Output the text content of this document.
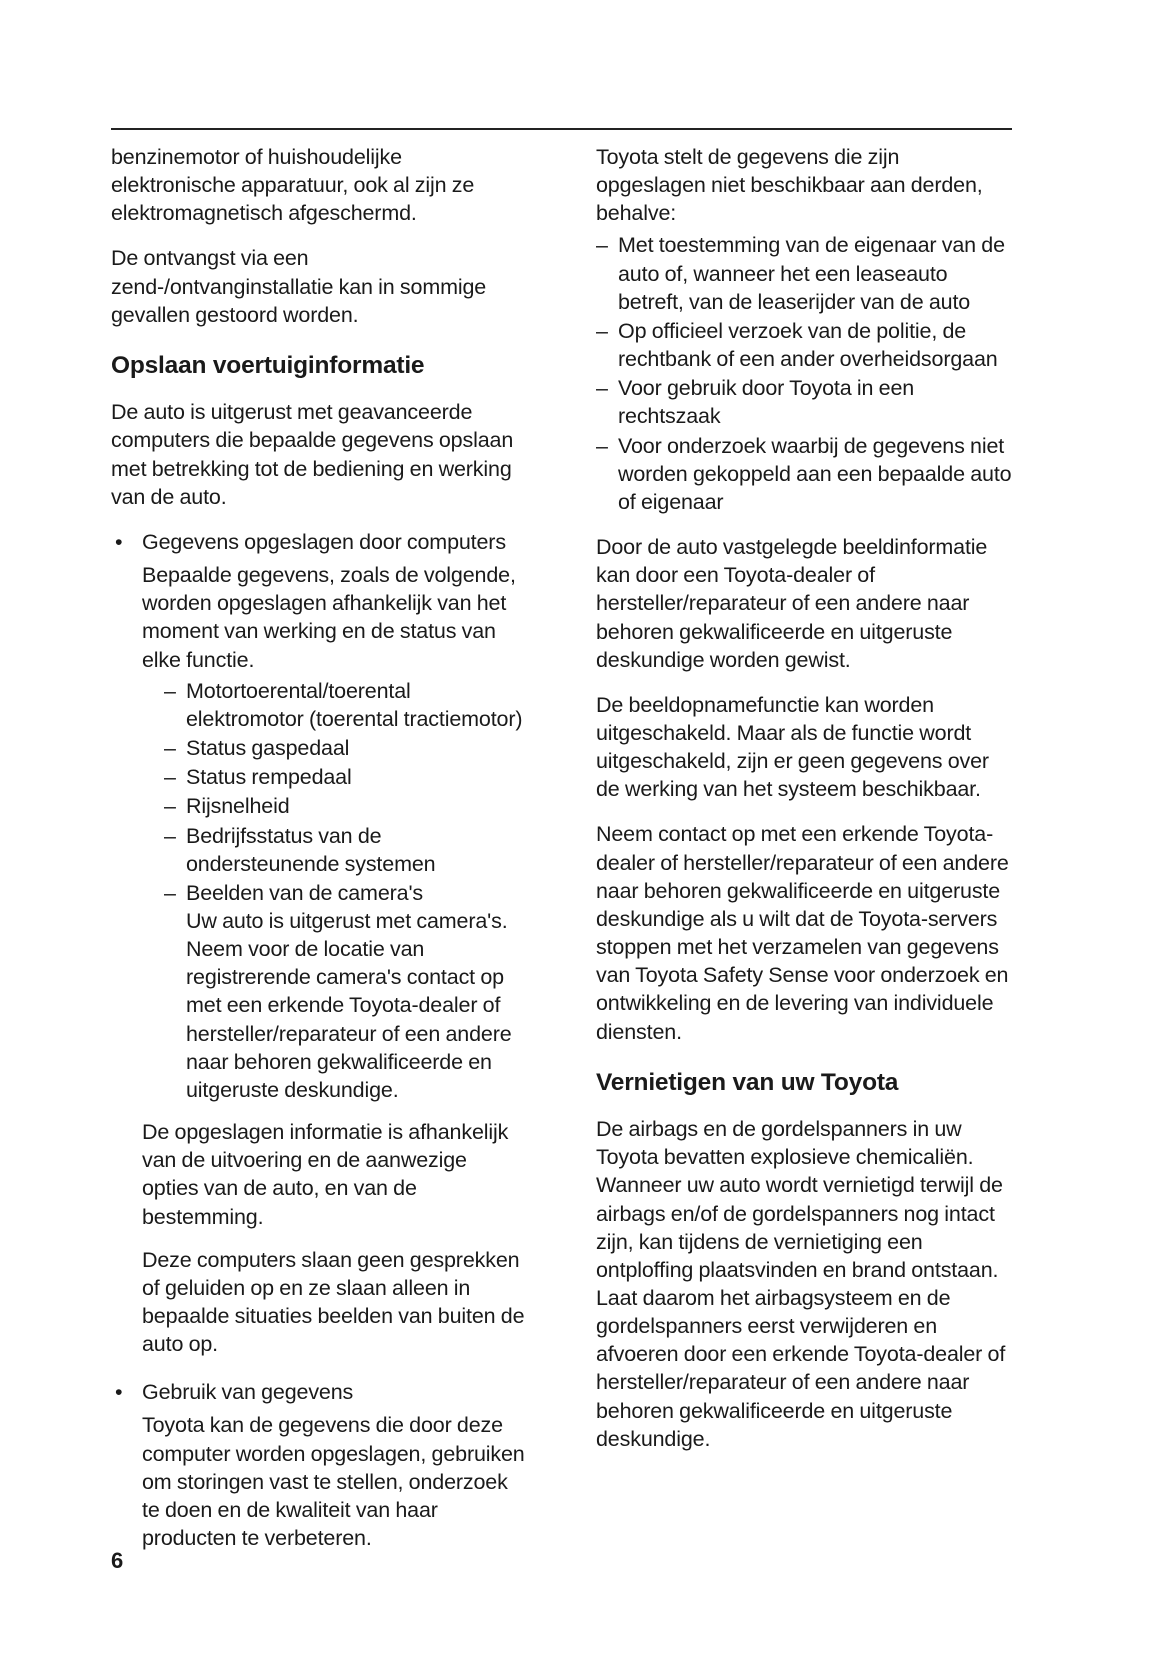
benzinemotor of huishoudelijke elektronische apparatuur, ook al zijn ze elektromagnetisch afgeschermd.

De ontvangst via een zend-/ontvanginstallatie kan in sommige gevallen gestoord worden.

Opslaan voertuiginformatie

De auto is uitgerust met geavanceerde computers die bepaalde gegevens opslaan met betrekking tot de bediening en werking van de auto.

• Gegevens opgeslagen door computers
Bepaalde gegevens, zoals de volgende, worden opgeslagen afhankelijk van het moment van werking en de status van elke functie.
– Motortoerental/toerental elektromotor (toerental tractiemotor)
– Status gaspedaal
– Status rempedaal
– Rijsnelheid
– Bedrijfsstatus van de ondersteunende systemen
– Beelden van de camera's
Uw auto is uitgerust met camera's. Neem voor de locatie van registrerende camera's contact op met een erkende Toyota-dealer of hersteller/reparateur of een andere naar behoren gekwalificeerde en uitgeruste deskundige.
De opgeslagen informatie is afhankelijk van de uitvoering en de aanwezige opties van de auto, en van de bestemming.
Deze computers slaan geen gesprekken of geluiden op en ze slaan alleen in bepaalde situaties beelden van buiten de auto op.
• Gebruik van gegevens
Toyota kan de gegevens die door deze computer worden opgeslagen, gebruiken om storingen vast te stellen, onderzoek te doen en de kwaliteit van haar producten te verbeteren.

Toyota stelt de gegevens die zijn opgeslagen niet beschikbaar aan derden, behalve:

– Met toestemming van de eigenaar van de auto of, wanneer het een leaseauto betreft, van de leaserijder van de auto
– Op officieel verzoek van de politie, de rechtbank of een ander overheidsorgaan
– Voor gebruik door Toyota in een rechtszaak
– Voor onderzoek waarbij de gegevens niet worden gekoppeld aan een bepaalde auto of eigenaar

Door de auto vastgelegde beeldinformatie kan door een Toyota-dealer of hersteller/reparateur of een andere naar behoren gekwalificeerde en uitgeruste deskundige worden gewist.

De beeldopnamefunctie kan worden uitgeschakeld. Maar als de functie wordt uitgeschakeld, zijn er geen gegevens over de werking van het systeem beschikbaar.

Neem contact op met een erkende Toyota-dealer of hersteller/reparateur of een andere naar behoren gekwalificeerde en uitgeruste deskundige als u wilt dat de Toyota-servers stoppen met het verzamelen van gegevens van Toyota Safety Sense voor onderzoek en ontwikkeling en de levering van individuele diensten.

Vernietigen van uw Toyota

De airbags en de gordelspanners in uw Toyota bevatten explosieve chemicaliën. Wanneer uw auto wordt vernietigd terwijl de airbags en/of de gordelspanners nog intact zijn, kan tijdens de vernietiging een ontploffing plaatsvinden en brand ontstaan. Laat daarom het airbagsysteem en de gordelspanners eerst verwijderen en afvoeren door een erkende Toyota-dealer of hersteller/reparateur of een andere naar behoren gekwalificeerde en uitgeruste deskundige.

6
